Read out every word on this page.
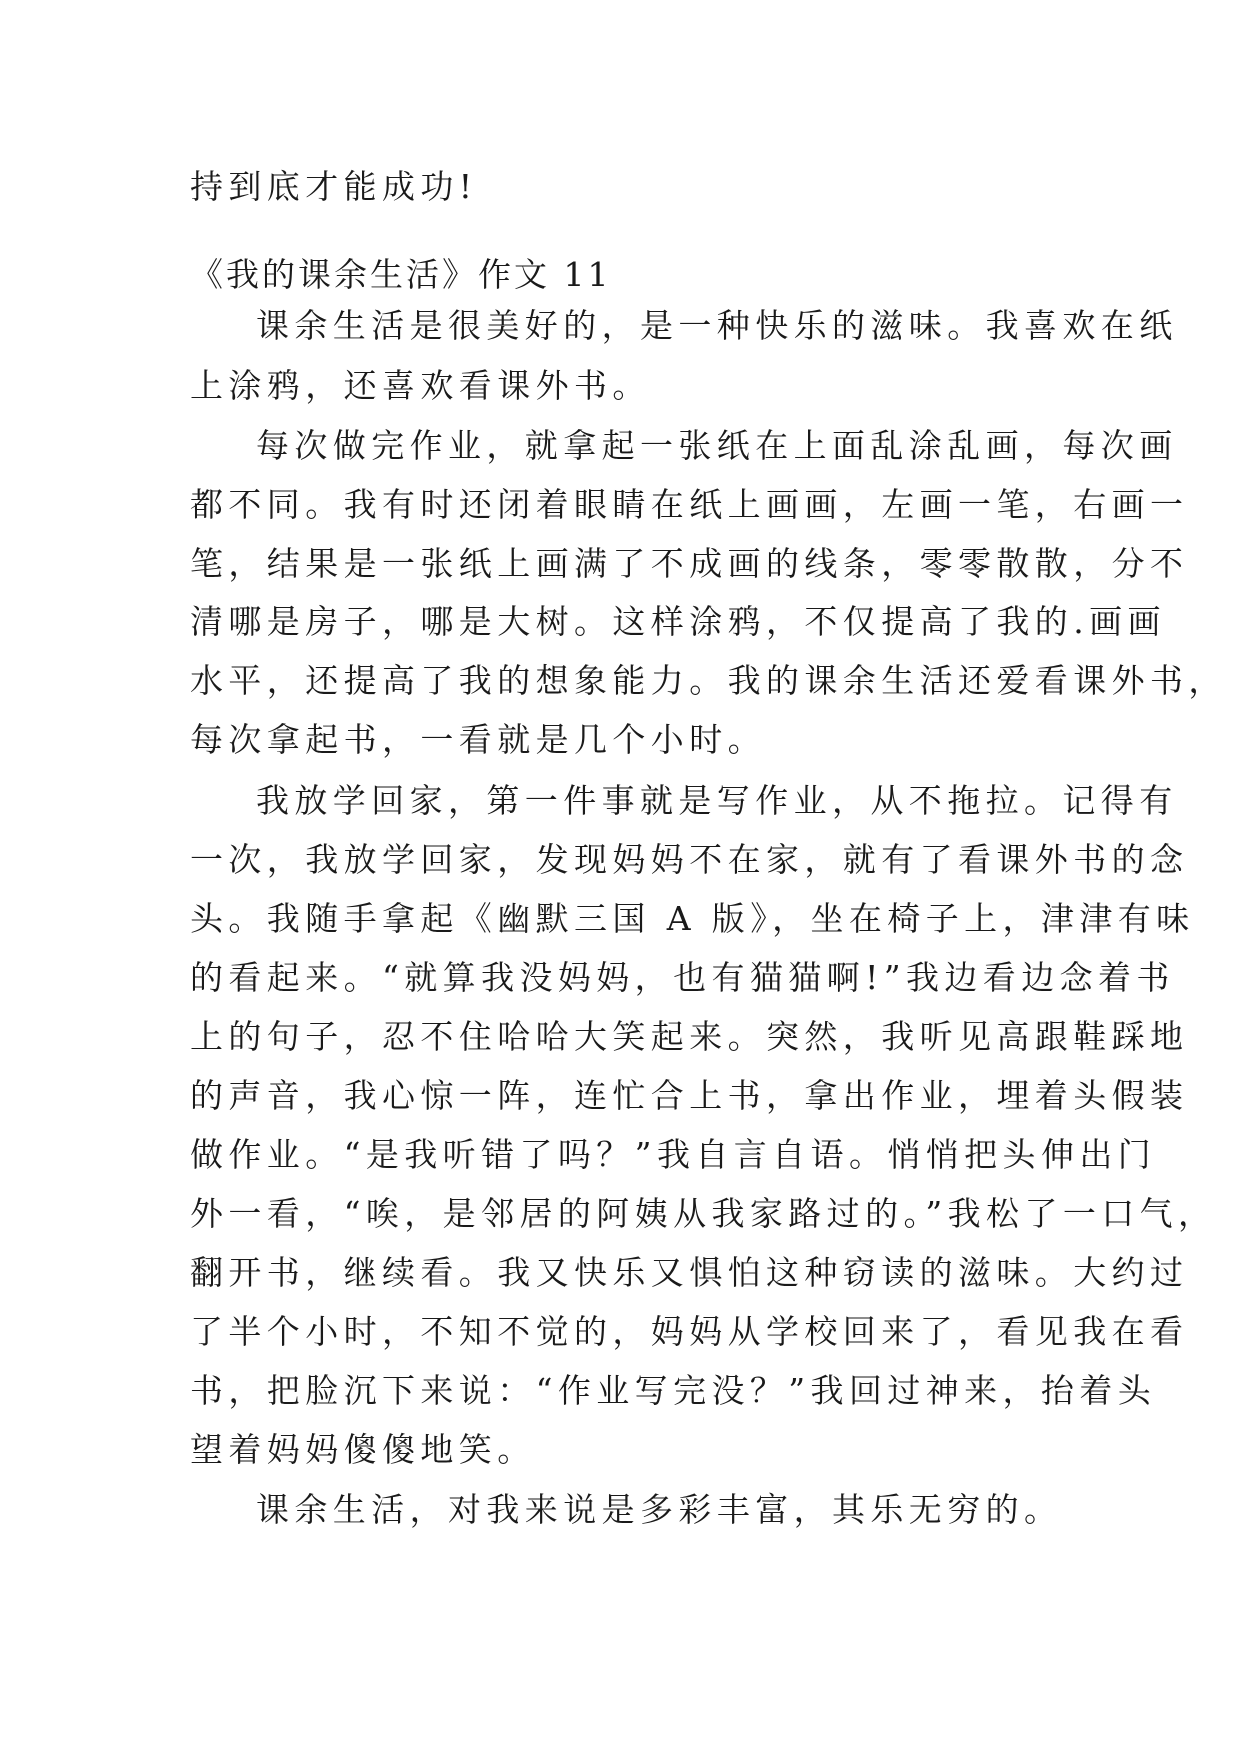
持到底才能成功!
《我的课余生活》作文 11
课余生活是很美好的，是一种快乐的滋味。我喜欢在纸
上涂鸦，还喜欢看课外书。
每次做完作业，就拿起一张纸在上面乱涂乱画，每次画
都不同。我有时还闭着眼睛在纸上画画，左画一笔，右画一
笔，结果是一张纸上画满了不成画的线条，零零散散，分不
清哪是房子，哪是大树。这样涂鸦，不仅提高了我的.画画
水平，还提高了我的想象能力。我的课余生活还爱看课外书，
每次拿起书，一看就是几个小时。
我放学回家，第一件事就是写作业，从不拖拉。记得有
一次，我放学回家，发现妈妈不在家，就有了看课外书的念
头。我随手拿起《幽默三国 A 版》，坐在椅子上，津津有味
的看起来。“就算我没妈妈，也有猫猫啊!”我边看边念着书
上的句子，忍不住哈哈大笑起来。突然，我听见高跟鞋踩地
的声音，我心惊一阵，连忙合上书，拿出作业，埋着头假装
做作业。“是我听错了吗？”我自言自语。悄悄把头伸出门
外一看，“唉，是邻居的阿姨从我家路过的。”我松了一口气，
翻开书，继续看。我又快乐又惧怕这种窃读的滋味。大约过
了半个小时，不知不觉的，妈妈从学校回来了，看见我在看
书，把脸沉下来说：“作业写完没？”我回过神来，抬着头
望着妈妈傻傻地笑。
课余生活，对我来说是多彩丰富，其乐无穷的。
